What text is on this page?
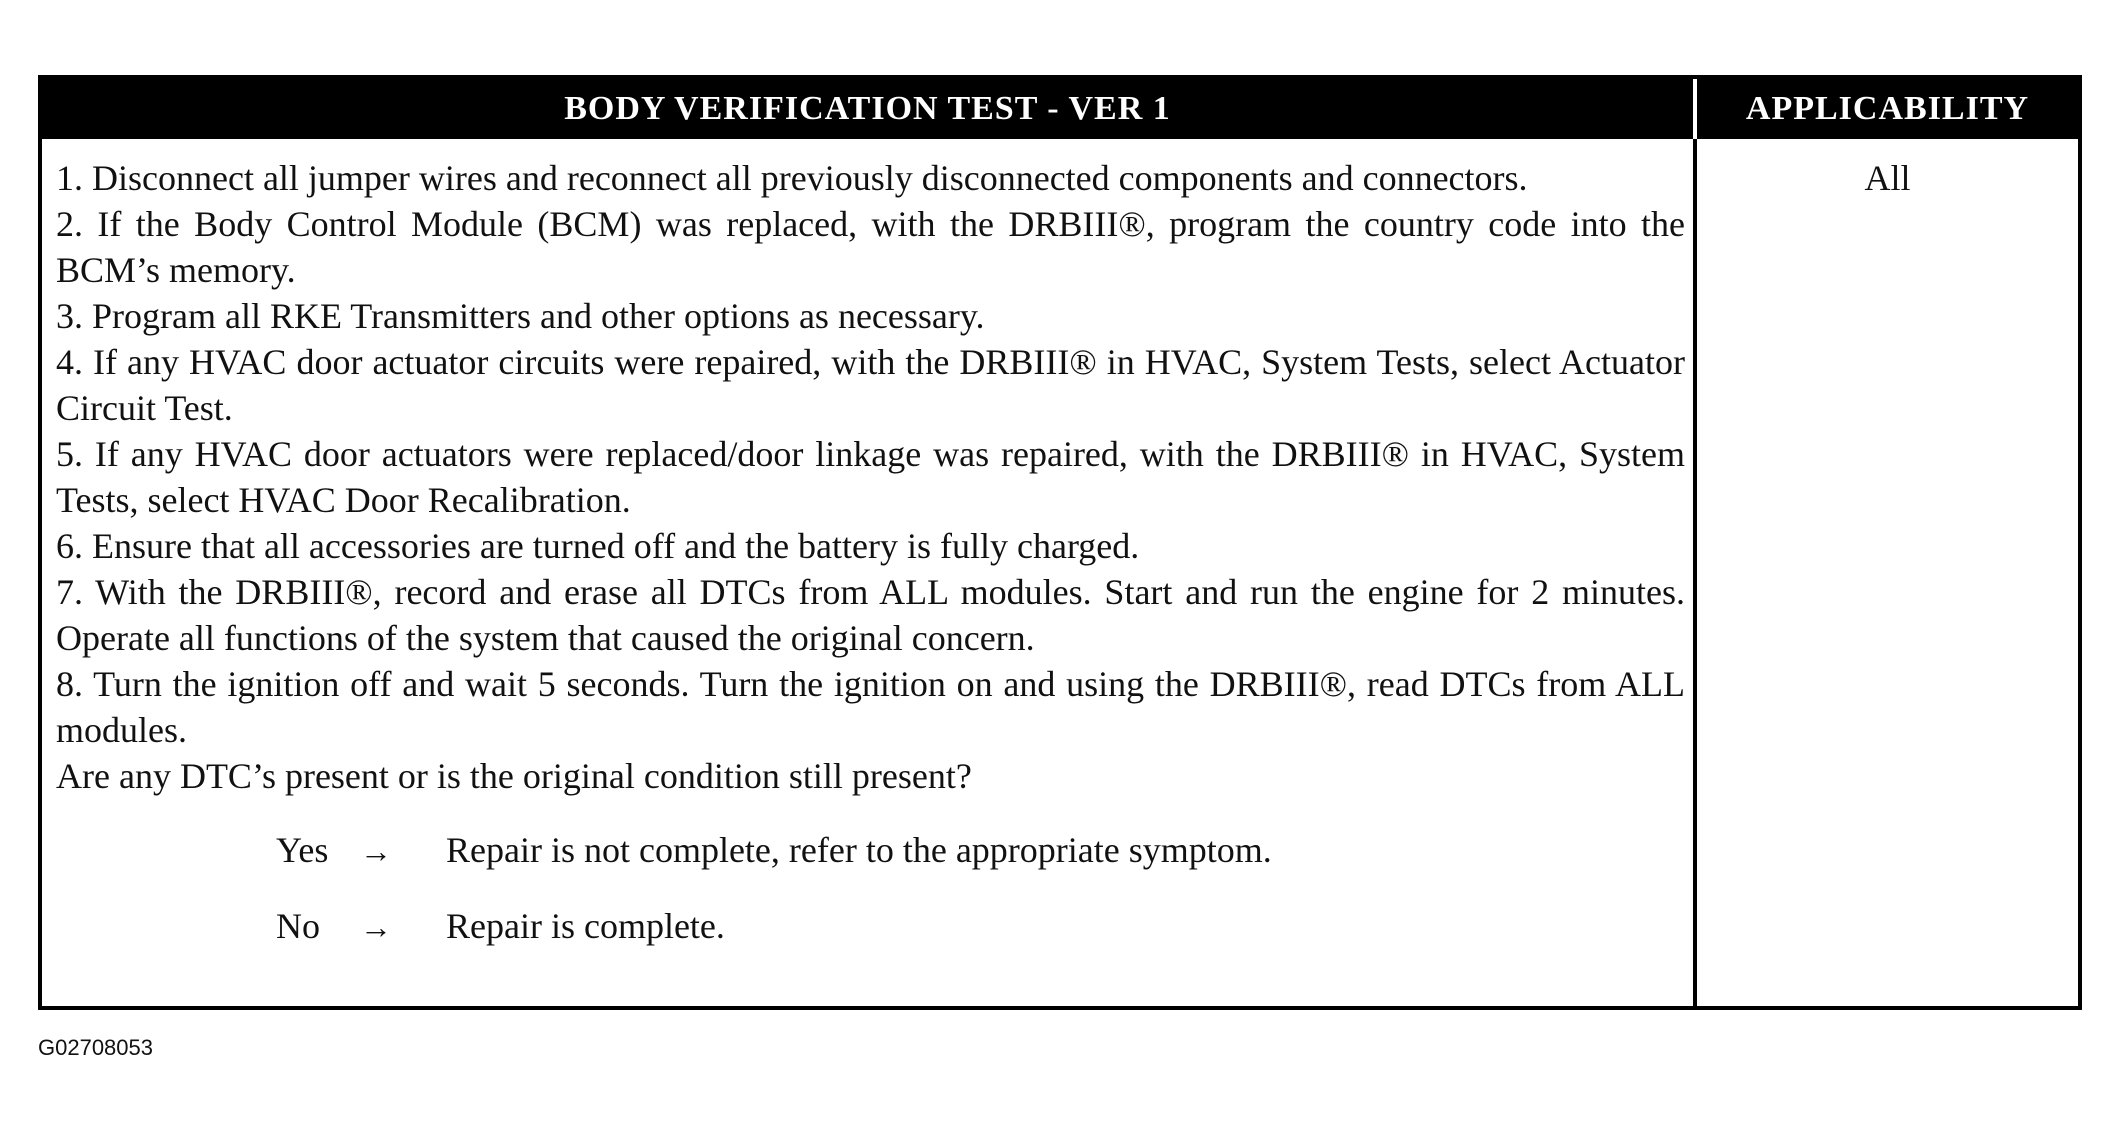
BODY VERIFICATION TEST - VER 1	APPLICABILITY

1. Disconnect all jumper wires and reconnect all previously disconnected components and connectors.

2. If the Body Control Module (BCM) was replaced, with the DRBIII®, program the country code into the BCM’s memory.

3. Program all RKE Transmitters and other options as necessary.

4. If any HVAC door actuator circuits were repaired, with the DRBIII® in HVAC, System Tests, select Actuator Circuit Test.

5. If any HVAC door actuators were replaced/door linkage was repaired, with the DRBIII® in HVAC, System Tests, select HVAC Door Recalibration.

6. Ensure that all accessories are turned off and the battery is fully charged.

7. With the DRBIII®, record and erase all DTCs from ALL modules. Start and run the engine for 2 minutes. Operate all functions of the system that caused the original concern.

8. Turn the ignition off and wait 5 seconds. Turn the ignition on and using the DRBIII®, read DTCs from ALL modules.

Are any DTC’s present or is the original condition still present?

Yes →	Repair is not complete, refer to the appropriate symptom.
No	→	Repair is complete.
All
G02708053
